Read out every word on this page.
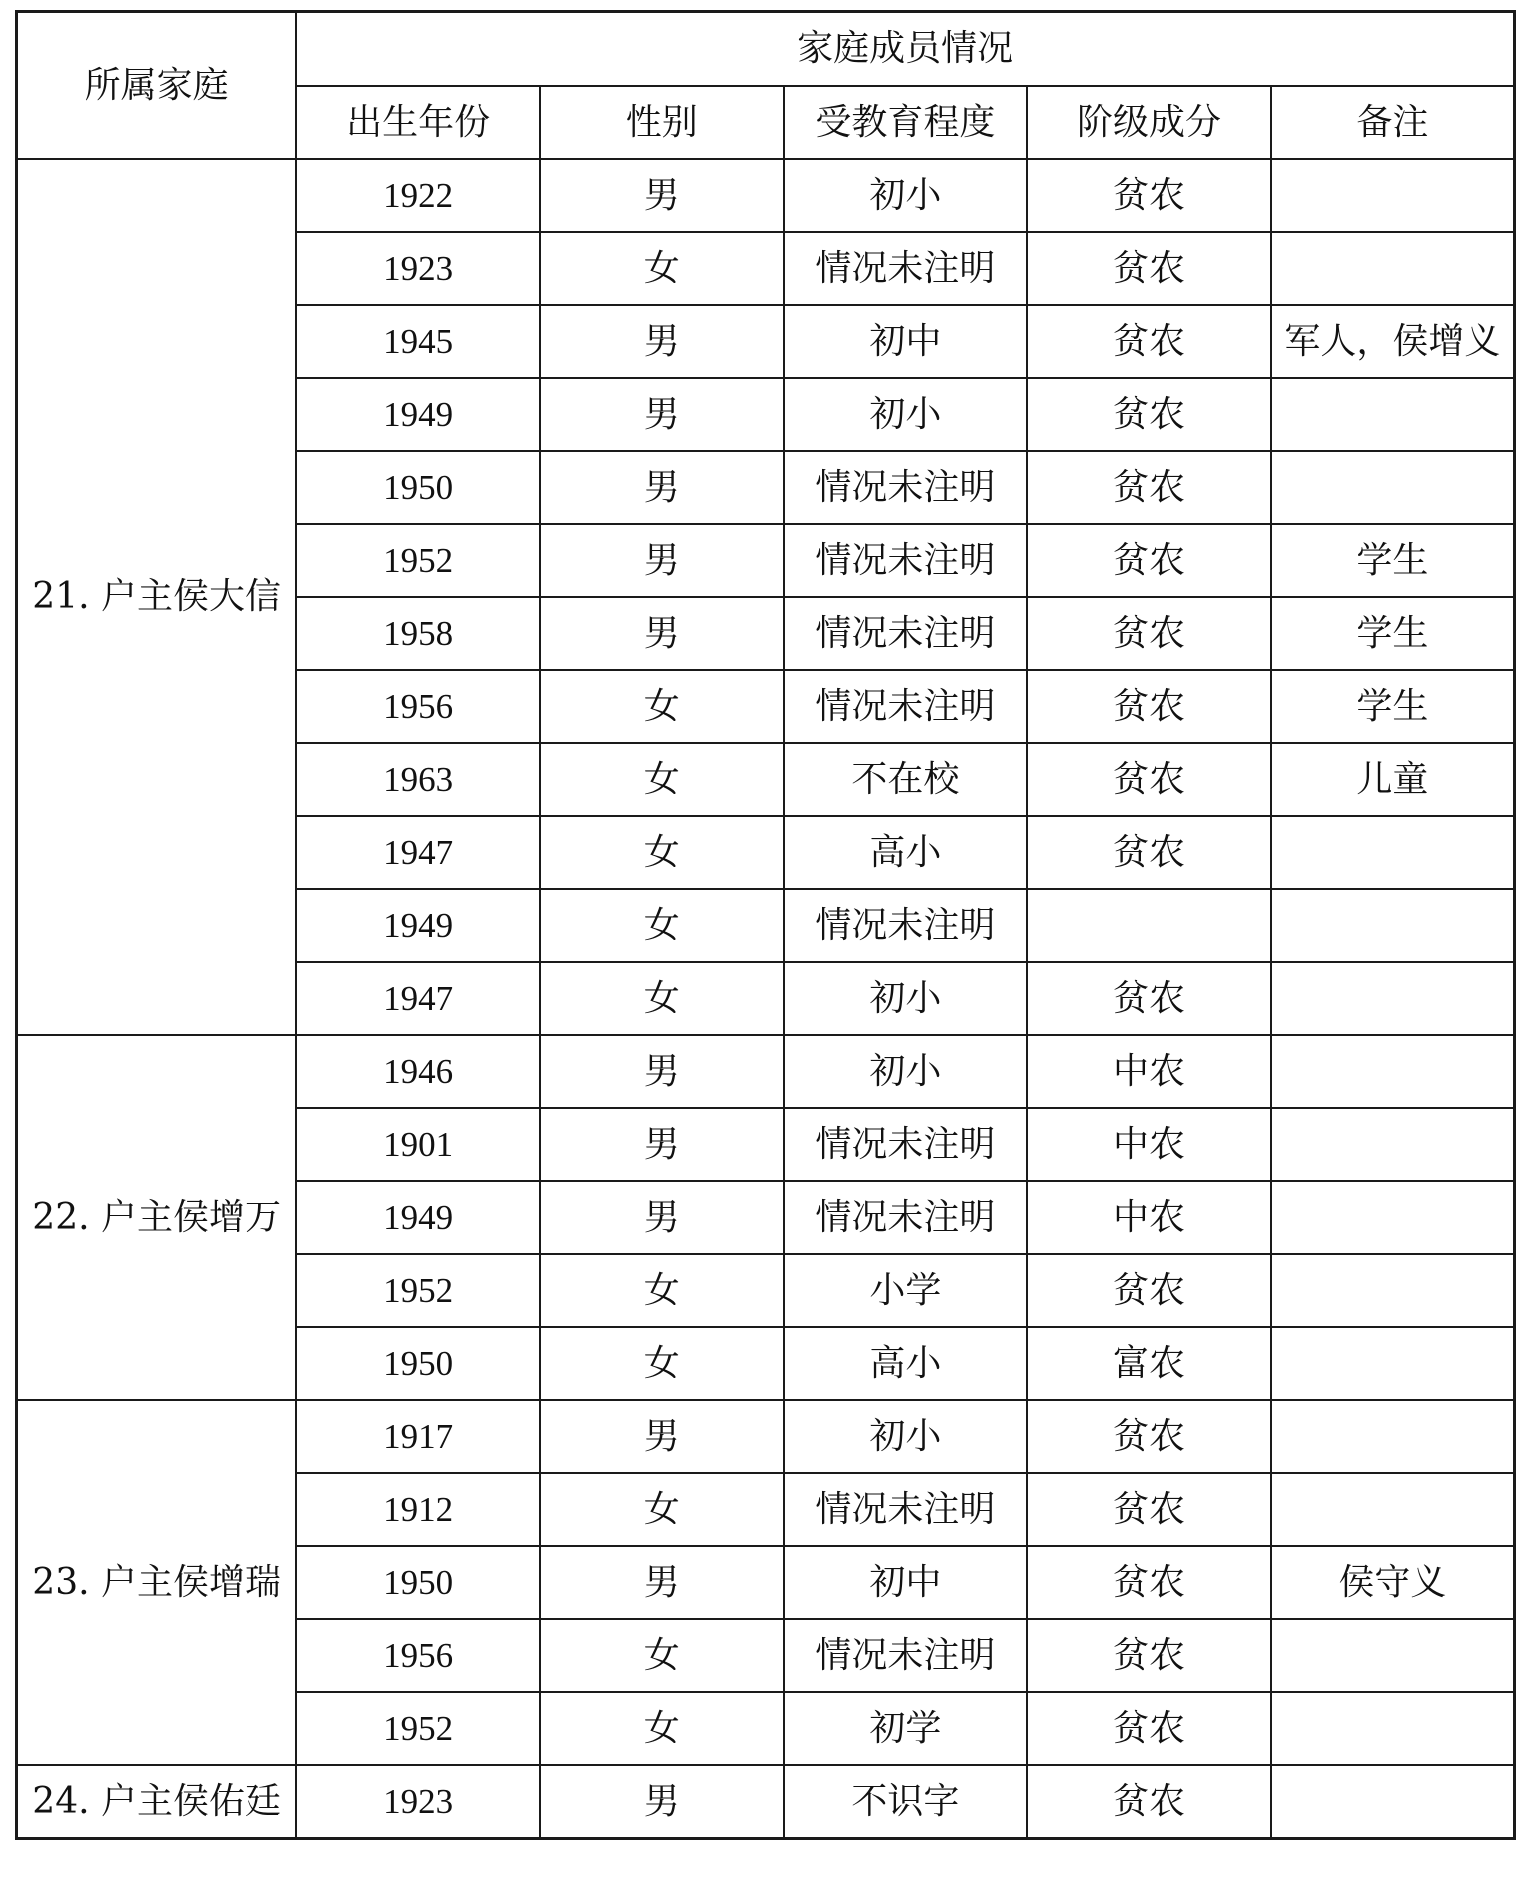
所属家庭	家庭成员情况				
	出生年份	性别	受教育程度	阶级成分	备注
21. 户主侯大信	1922	男	初小	贫农	
	1923	女	情况未注明	贫农	
	1945	男	初中	贫农	军人，侯增义
	1949	男	初小	贫农	
	1950	男	情况未注明	贫农	
	1952	男	情况未注明	贫农	学生
	1958	男	情况未注明	贫农	学生
	1956	女	情况未注明	贫农	学生
	1963	女	不在校	贫农	儿童
	1947	女	高小	贫农	
	1949	女	情况未注明		
	1947	女	初小	贫农	
22. 户主侯增万	1946	男	初小	中农	
	1901	男	情况未注明	中农	
	1949	男	情况未注明	中农	
	1952	女	小学	贫农	
	1950	女	高小	富农	
23. 户主侯增瑞	1917	男	初小	贫农	
	1912	女	情况未注明	贫农	
	1950	男	初中	贫农	侯守义
	1956	女	情况未注明	贫农	
	1952	女	初学	贫农	
24. 户主侯佑廷	1923	男	不识字	贫农	
